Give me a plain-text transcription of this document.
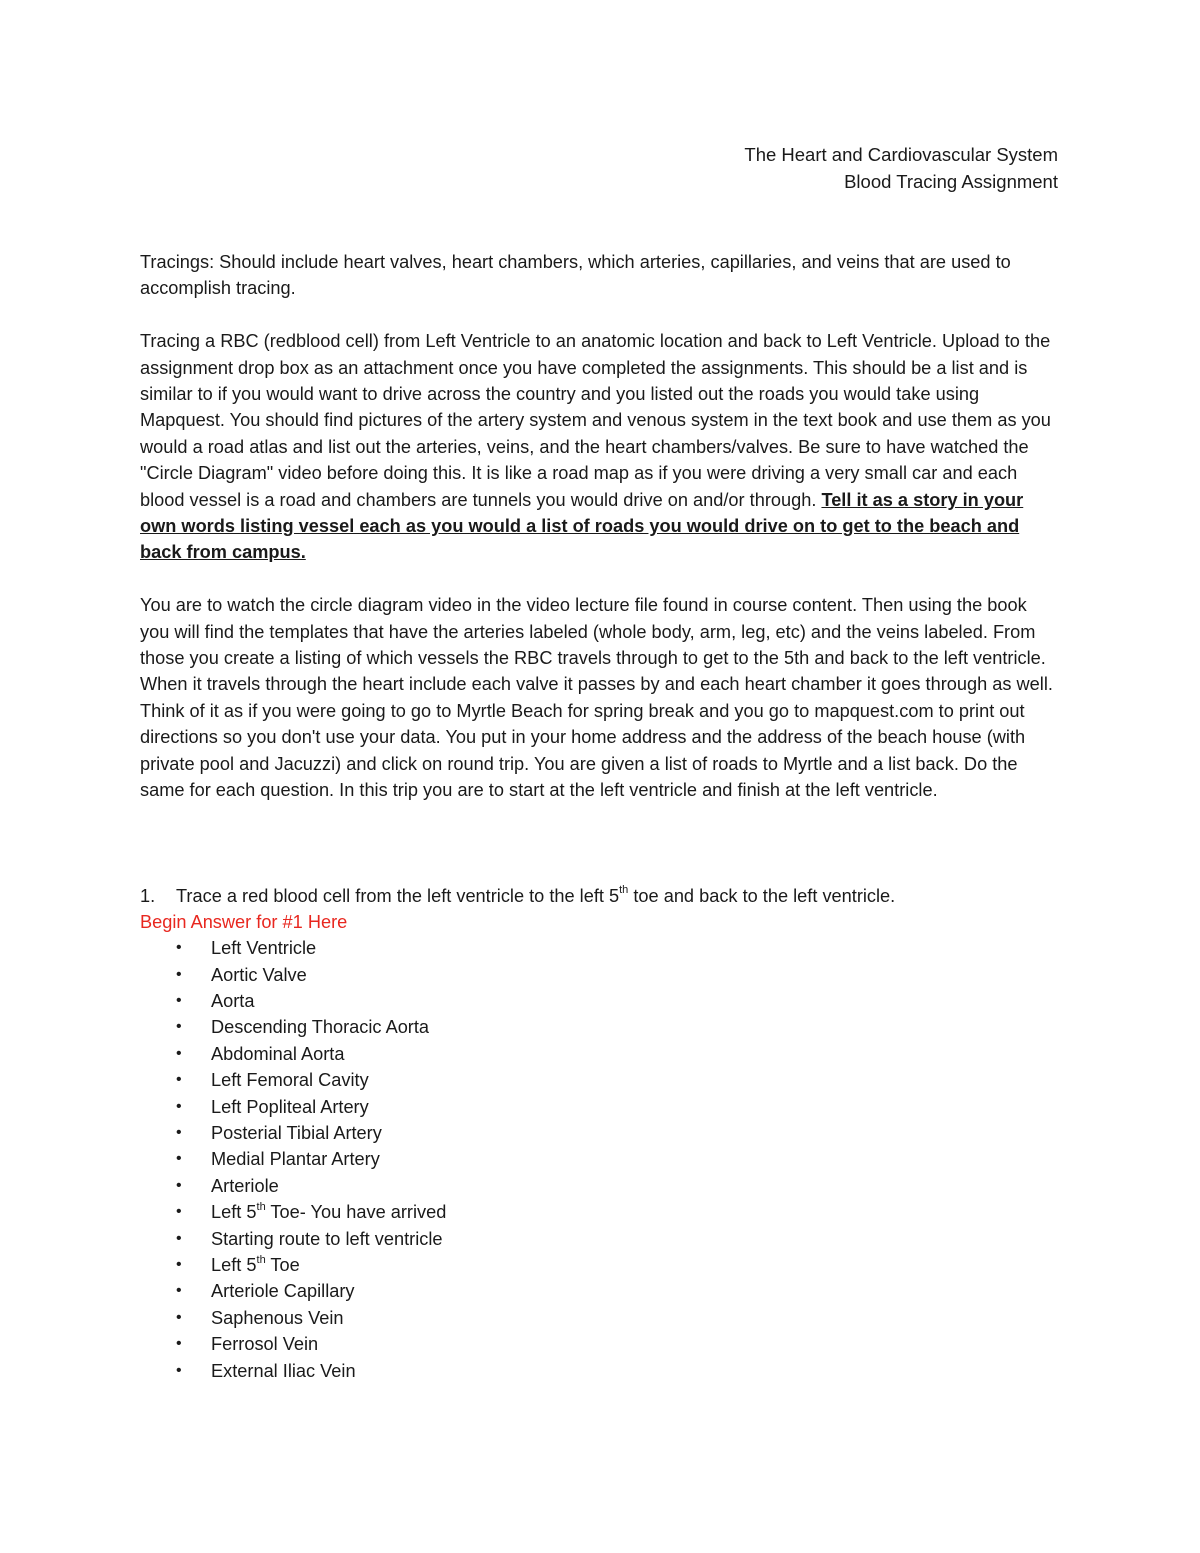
The Heart and Cardiovascular System
Blood Tracing Assignment

Tracings: Should include heart valves, heart chambers, which arteries, capillaries, and veins that are used to accomplish tracing.

Tracing a RBC (redblood cell) from Left Ventricle to an anatomic location and back to Left Ventricle. Upload to the assignment drop box as an attachment once you have completed the assignments. This should be a list and is similar to if you would want to drive across the country and you listed out the roads you would take using Mapquest. You should find pictures of the artery system and venous system in the text book and use them as you would a road atlas and list out the arteries, veins, and the heart chambers/valves. Be sure to have watched the "Circle Diagram" video before doing this. It is like a road map as if you were driving a very small car and each blood vessel is a road and chambers are tunnels you would drive on and/or through. Tell it as a story in your own words listing vessel each as you would a list of roads you would drive on to get to the beach and back from campus.

You are to watch the circle diagram video in the video lecture file found in course content. Then using the book you will find the templates that have the arteries labeled (whole body, arm, leg, etc) and the veins labeled. From those you create a listing of which vessels the RBC travels through to get to the 5th and back to the left ventricle. When it travels through the heart include each valve it passes by and each heart chamber it goes through as well. Think of it as if you were going to go to Myrtle Beach for spring break and you go to mapquest.com to print out directions so you don't use your data. You put in your home address and the address of the beach house (with private pool and Jacuzzi) and click on round trip. You are given a list of roads to Myrtle and a list back. Do the same for each question. In this trip you are to start at the left ventricle and finish at the left ventricle.

1. Trace a red blood cell from the left ventricle to the left 5th toe and back to the left ventricle.
Begin Answer for #1 Here
• Left Ventricle
• Aortic Valve
• Aorta
• Descending Thoracic Aorta
• Abdominal Aorta
• Left Femoral Cavity
• Left Popliteal Artery
• Posterial Tibial Artery
• Medial Plantar Artery
• Arteriole
• Left 5th Toe- You have arrived
• Starting route to left ventricle
• Left 5th Toe
• Arteriole Capillary
• Saphenous Vein
• Ferrosol Vein
• External Iliac Vein
